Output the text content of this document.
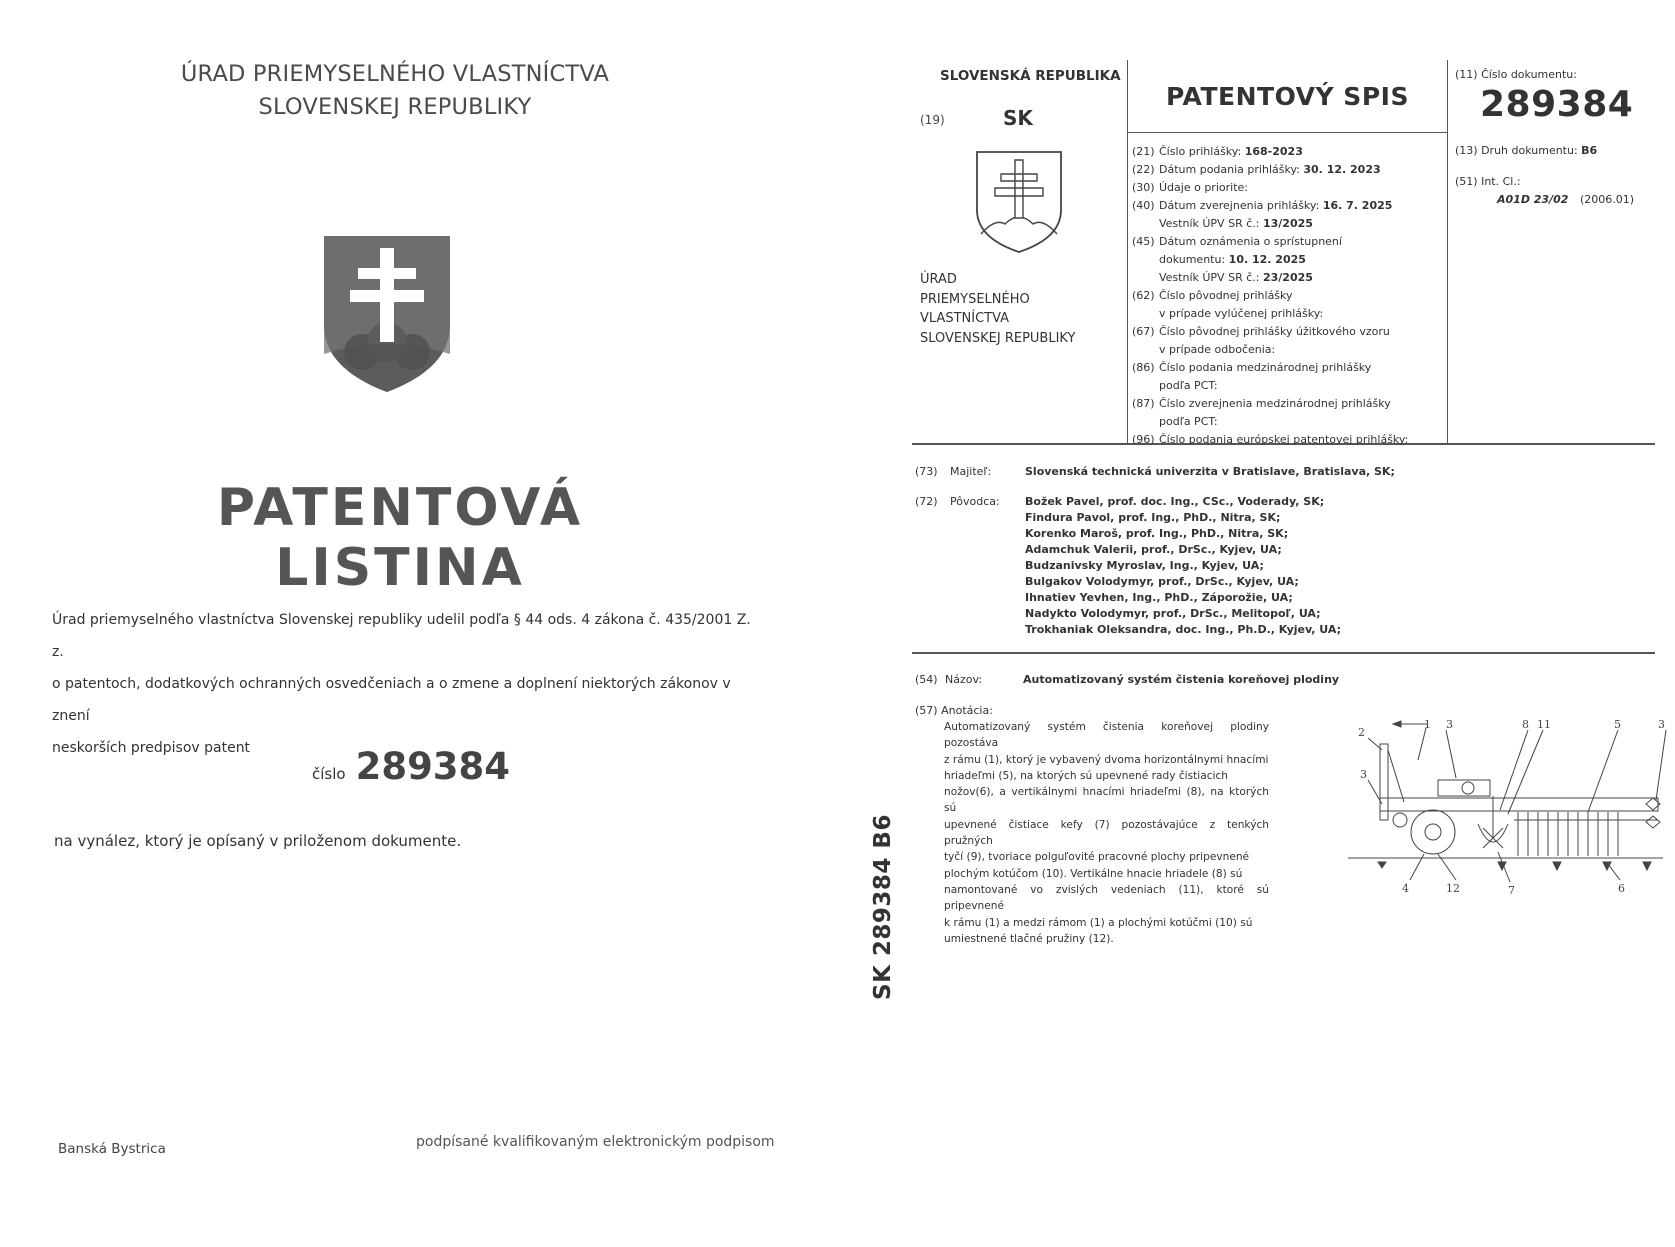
ÚRAD PRIEMYSELNÉHO VLASTNÍCTVA
SLOVENSKEJ REPUBLIKY
PATENTOVÁ LISTINA
Úrad priemyselného vlastníctva Slovenskej republiky udelil podľa § 44 ods. 4 zákona č. 435/2001 Z. z.
o patentoch, dodatkových ochranných osvedčeniach a o zmene a doplnení niektorých zákonov v znení
neskorších predpisov patent
číslo 289384
na vynález, ktorý je opísaný v priloženom dokumente.
Banská Bystrica	podpísané kvalifikovaným elektronickým podpisom
SK 289384 B6
SLOVENSKÁ REPUBLIKA
(19)	SK
ÚRAD
PRIEMYSELNÉHO
VLASTNÍCTVA
SLOVENSKEJ REPUBLIKY
PATENTOVÝ SPIS
(21) Číslo prihlášky: 168-2023
(22) Dátum podania prihlášky: 30. 12. 2023
(30) Údaje o priorite:
(40) Dátum zverejnenia prihlášky: 16. 7. 2025
Vestník ÚPV SR č.: 13/2025
(45) Dátum oznámenia o sprístupnení
dokumentu: 10. 12. 2025
Vestník ÚPV SR č.: 23/2025
(62) Číslo pôvodnej prihlášky
v prípade vylúčenej prihlášky:
(67) Číslo pôvodnej prihlášky úžitkového vzoru
v prípade odbočenia:
(86) Číslo podania medzinárodnej prihlášky
podľa PCT:
(87) Číslo zverejnenia medzinárodnej prihlášky
podľa PCT:
(96) Číslo podania európskej patentovej prihlášky:
(11) Číslo dokumentu:
289384
(13) Druh dokumentu: B6
(51) Int. Cl.:
A01D 23/02 (2006.01)
(73)	Majiteľ:	Slovenská technická univerzita v Bratislave, Bratislava, SK;
(72)	Pôvodca:	Božek Pavel, prof. doc. Ing., CSc., Voderady, SK;
Findura Pavol, prof. Ing., PhD., Nitra, SK;
Korenko Maroš, prof. Ing., PhD., Nitra, SK;
Adamchuk Valerii, prof., DrSc., Kyjev, UA;
Budzanivsky Myroslav, Ing., Kyjev, UA;
Bulgakov Volodymyr, prof., DrSc., Kyjev, UA;
Ihnatiev Yevhen, Ing., PhD., Záporožie, UA;
Nadykto Volodymyr, prof., DrSc., Melitopoľ, UA;
Trokhaniak Oleksandra, doc. Ing., Ph.D., Kyjev, UA;
(54) Názov:	Automatizovaný systém čistenia koreňovej plodiny
(57) Anotácia:
Automatizovaný systém čistenia koreňovej plodiny pozostáva
z rámu (1), ktorý je vybavený dvoma horizontálnymi hnacími
hriadeľmi (5), na ktorých sú upevnené rady čistiacich
nožov(6), a vertikálnymi hnacími hriadeľmi (8), na ktorých sú
upevnené čistiace kefy (7) pozostávajúce z tenkých pružných
tyčí (9), tvoriace polguľovité pracovné plochy pripevnené
plochým kotúčom (10). Vertikálne hnacie hriadele (8) sú
namontované vo zvislých vedeniach (11), ktoré sú pripevnené
k rámu (1) a medzi rámom (1) a plochými kotúčmi (10) sú
umiestnené tlačné pružiny (12).
2
1 3	8 11	5	3
3
4	12	7	6
